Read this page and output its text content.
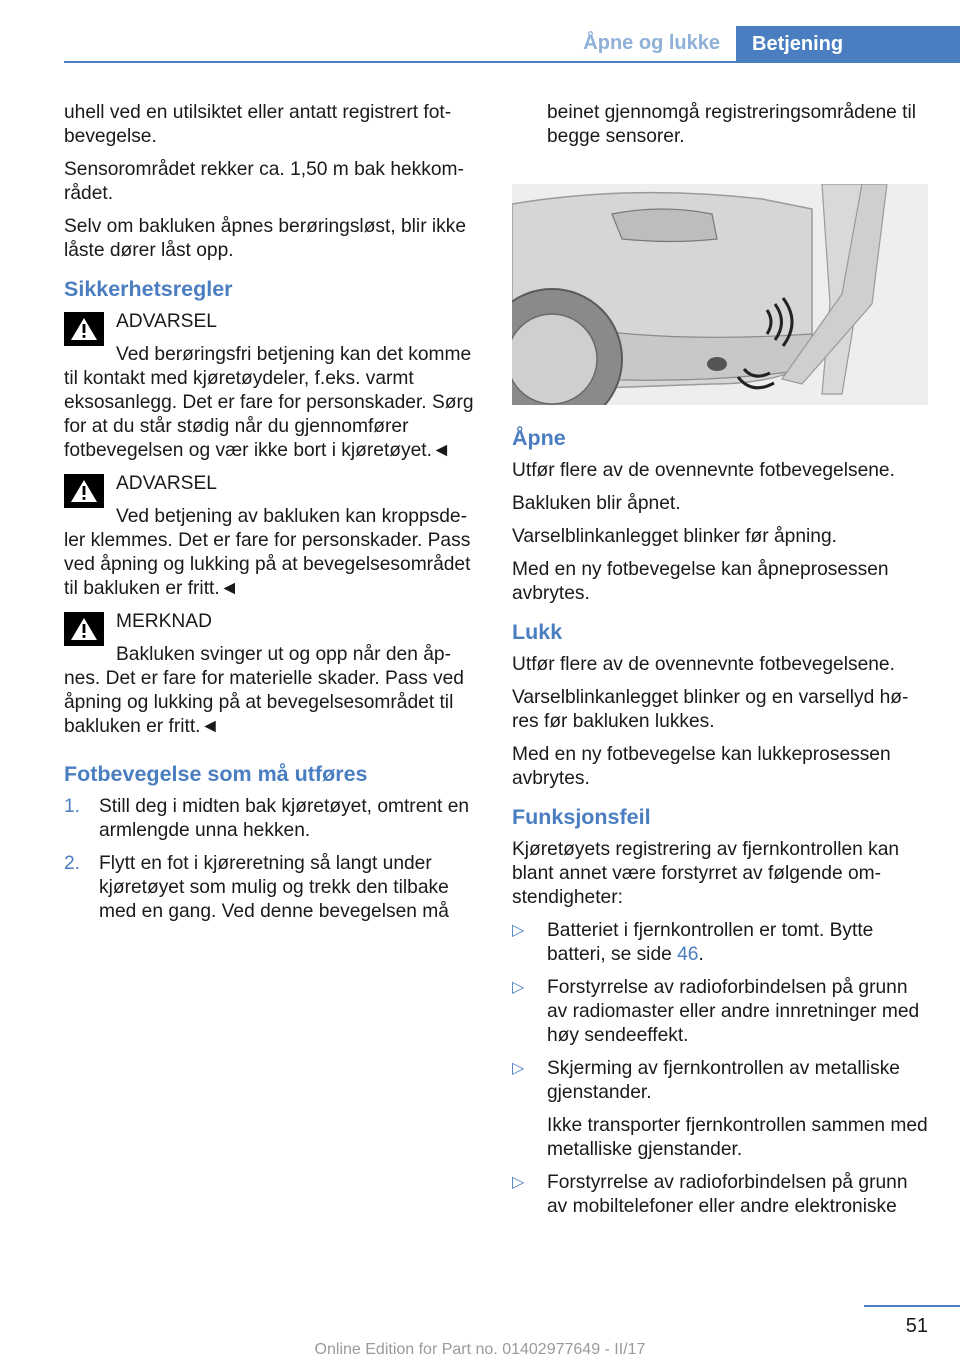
Åpne og lukke	Betjening

uhell ved en utilsiktet eller antatt registrert fotbevegelse.

Sensorområdet rekker ca. 1,50 m bak hekkområdet.

Selv om bakluken åpnes berøringsløst, blir ikke låste dører låst opp.

Sikkerhetsregler
ADVARSEL

Ved berøringsfri betjening kan det komme til kontakt med kjøretøydeler, f.eks. varmt eksosanlegg. Det er fare for personskader. Sørg for at du står stødig når du gjennomfører fotbevegelsen og vær ikke bort i kjøretøyet.◄

ADVARSEL

Ved betjening av bakluken kan kroppsdeler klemmes. Det er fare for personskader. Pass ved åpning og lukking på at bevegelsesområdet til bakluken er fritt.◄

MERKNAD

Bakluken svinger ut og opp når den åpnes. Det er fare for materielle skader. Pass ved åpning og lukking på at bevegelsesområdet til bakluken er fritt.◄

Fotbevegelse som må utføres
1. Still deg i midten bak kjøretøyet, omtrent en armlengde unna hekken.
2. Flytt en fot i kjøreretning så langt under kjøretøyet som mulig og trekk den tilbake med en gang. Ved denne bevegelsen må

beinet gjennomgå registreringsområdene til begge sensorer.

Åpne

Utfør flere av de ovennevnte fotbevegelsene.

Bakluken blir åpnet.

Varselblinkanlegget blinker før åpning.

Med en ny fotbevegelse kan åpneprosessen avbrytes.

Lukk

Utfør flere av de ovennevnte fotbevegelsene.

Varselblinkanlegget blinker og en varsellyd høres før bakluken lukkes.

Med en ny fotbevegelse kan lukkeprosessen avbrytes.

Funksjonsfeil

Kjøretøyets registrering av fjernkontrollen kan blant annet være forstyrret av følgende omstendigheter:

▷ Batteriet i fjernkontrollen er tomt. Bytte batteri, se side 46.
▷ Forstyrrelse av radioforbindelsen på grunn av radiomaster eller andre innretninger med høy sendeeffekt.
▷ Skjerming av fjernkontrollen av metalliske gjenstander.

Ikke transporter fjernkontrollen sammen med metalliske gjenstander.

▷ Forstyrrelse av radioforbindelsen på grunn av mobiltelefoner eller andre elektroniske
51
Online Edition for Part no. 01402977649 - II/17
